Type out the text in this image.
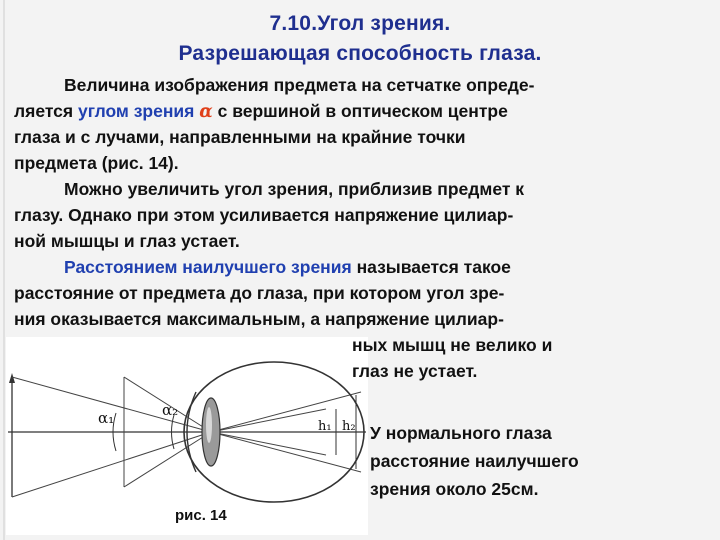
7.10.Угол зрения.
Разрешающая способность глаза.
Величина изображения предмета на сетчатке опреде-
ляется углом зрения α с вершиной в оптическом центре
глаза и с лучами, направленными на крайние точки
предмета (рис. 14).
Можно увеличить угол зрения, приблизив предмет к
глазу. Однако при этом усиливается напряжение цилиар-
ной мышцы и глаз устает.
Расстоянием наилучшего зрения называется такое
расстояние от предмета до глаза, при котором угол зре-
ния оказывается максимальным, а напряжение цилиар-
α₁	α₂
h₁ h₂
ных мышц не велико и
глаз не устает.
У нормального глаза
расстояние наилучшего
зрения около 25см.
рис. 14
